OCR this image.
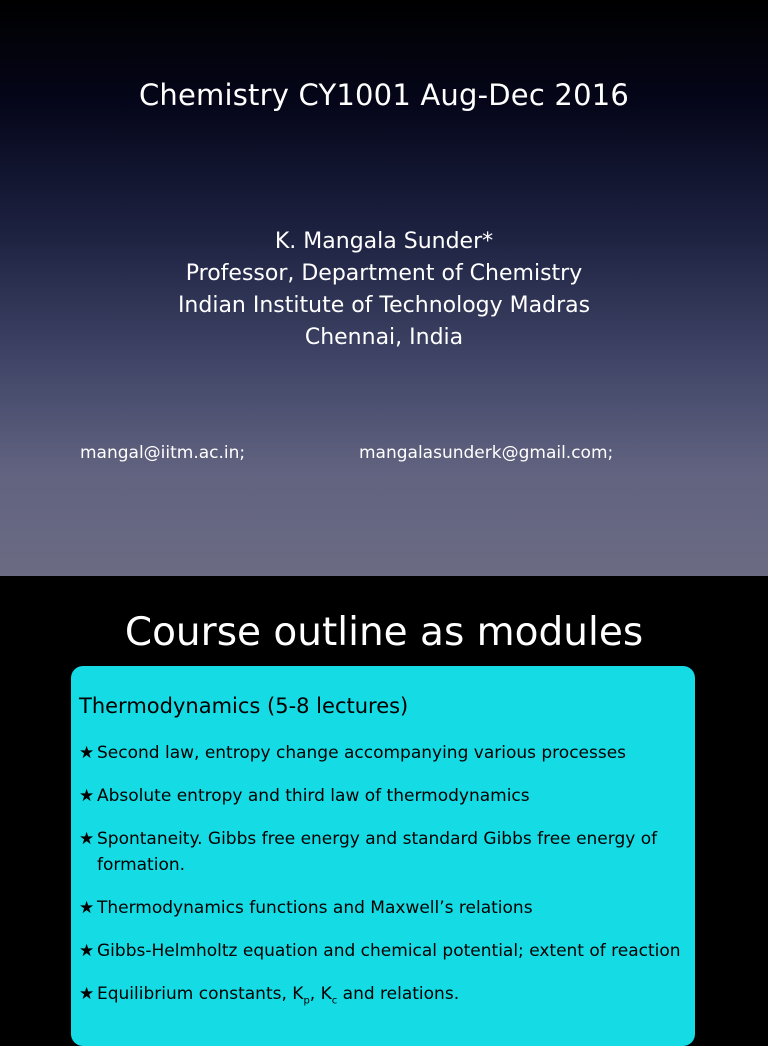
Chemistry CY1001 Aug-Dec 2016
K. Mangala Sunder*
Professor, Department of Chemistry
Indian Institute of Technology Madras
Chennai, India
mangal@iitm.ac.in;	mangalasunderk@gmail.com;
Course outline as modules
Thermodynamics (5-8 lectures)
★ Second law, entropy change accompanying various processes
★ Absolute entropy and third law of thermodynamics
★ Spontaneity. Gibbs free energy and standard Gibbs free energy of formation.
★ Thermodynamics functions and Maxwell’s relations
★ Gibbs-Helmholtz equation and chemical potential; extent of reaction
★ Equilibrium constants, $K_p$, $K_c$ and relations.
